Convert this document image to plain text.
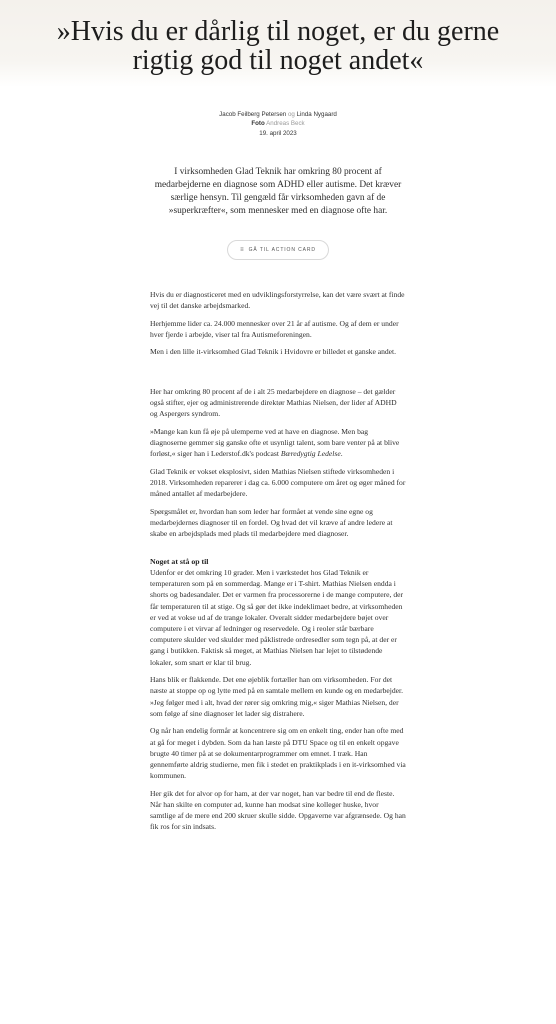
»Hvis du er dårlig til noget, er du gerne rigtig god til noget andet«
Jacob Feilberg Petersen og Linda Nygaard
Foto Andreas Beck
19. april 2023

I virksomheden Glad Teknik har omkring 80 procent af medarbejderne en diagnose som ADHD eller autisme. Det kræver særlige hensyn. Til gengæld får virksomheden gavn af de »superkræfter«, som mennesker med en diagnose ofte har.

≡ GÅ TIL ACTION CARD

Hvis du er diagnosticeret med en udviklingsforstyrrelse, kan det være svært at finde vej til det danske arbejdsmarked.

Herhjemme lider ca. 24.000 mennesker over 21 år af autisme. Og af dem er under hver fjerde i arbejde, viser tal fra Autismeforeningen.

Men i den lille it-virksomhed Glad Teknik i Hvidovre er billedet et ganske andet.

Her har omkring 80 procent af de i alt 25 medarbejdere en diagnose – det gælder også stifter, ejer og administrerende direktør Mathias Nielsen, der lider af ADHD og Aspergers syndrom.

»Mange kan kun få øje på ulemperne ved at have en diagnose. Men bag diagnoserne gemmer sig ganske ofte et usynligt talent, som bare venter på at blive forløst,« siger han i Lederstof.dk's podcast Bæredygtig Ledelse.

Glad Teknik er vokset eksplosivt, siden Mathias Nielsen stiftede virksomheden i 2018. Virksomheden reparerer i dag ca. 6.000 computere om året og øger måned for måned antallet af medarbejdere.

Spørgsmålet er, hvordan han som leder har formået at vende sine egne og medarbejdernes diagnoser til en fordel. Og hvad det vil kræve af andre ledere at skabe en arbejdsplads med plads til medarbejdere med diagnoser.

Noget at stå op til

Udenfor er det omkring 10 grader. Men i værkstedet hos Glad Teknik er temperaturen som på en sommerdag. Mange er i T-shirt. Mathias Nielsen endda i shorts og badesandaler. Det er varmen fra processorerne i de mange computere, der får temperaturen til at stige. Og så gør det ikke indeklimaet bedre, at virksomheden er ved at vokse ud af de trange lokaler. Overalt sidder medarbejdere bøjet over computere i et virvar af ledninger og reservedele. Og i reoler står bærbare computere skulder ved skulder med påklistrede ordresedler som tegn på, at der er gang i butikken. Faktisk så meget, at Mathias Nielsen har lejet to tilstødende lokaler, som snart er klar til brug.

Hans blik er flakkende. Det ene øjeblik fortæller han om virksomheden. For det næste at stoppe op og lytte med på en samtale mellem en kunde og en medarbejder. »Jeg følger med i alt, hvad der rører sig omkring mig,« siger Mathias Nielsen, der som følge af sine diagnoser let lader sig distrahere.

Og når han endelig formår at koncentrere sig om en enkelt ting, ender han ofte med at gå for meget i dybden. Som da han læste på DTU Space og til en enkelt opgave brugte 40 timer på at se dokumentarprogrammer om emnet. I træk. Han gennemførte aldrig studierne, men fik i stedet en praktikplads i en it-virksomhed via kommunen.

Her gik det for alvor op for ham, at der var noget, han var bedre til end de fleste. Når han skilte en computer ad, kunne han modsat sine kolleger huske, hvor samtlige af de mere end 200 skruer skulle sidde. Opgaverne var afgrænsede. Og han fik ros for sin indsats.
